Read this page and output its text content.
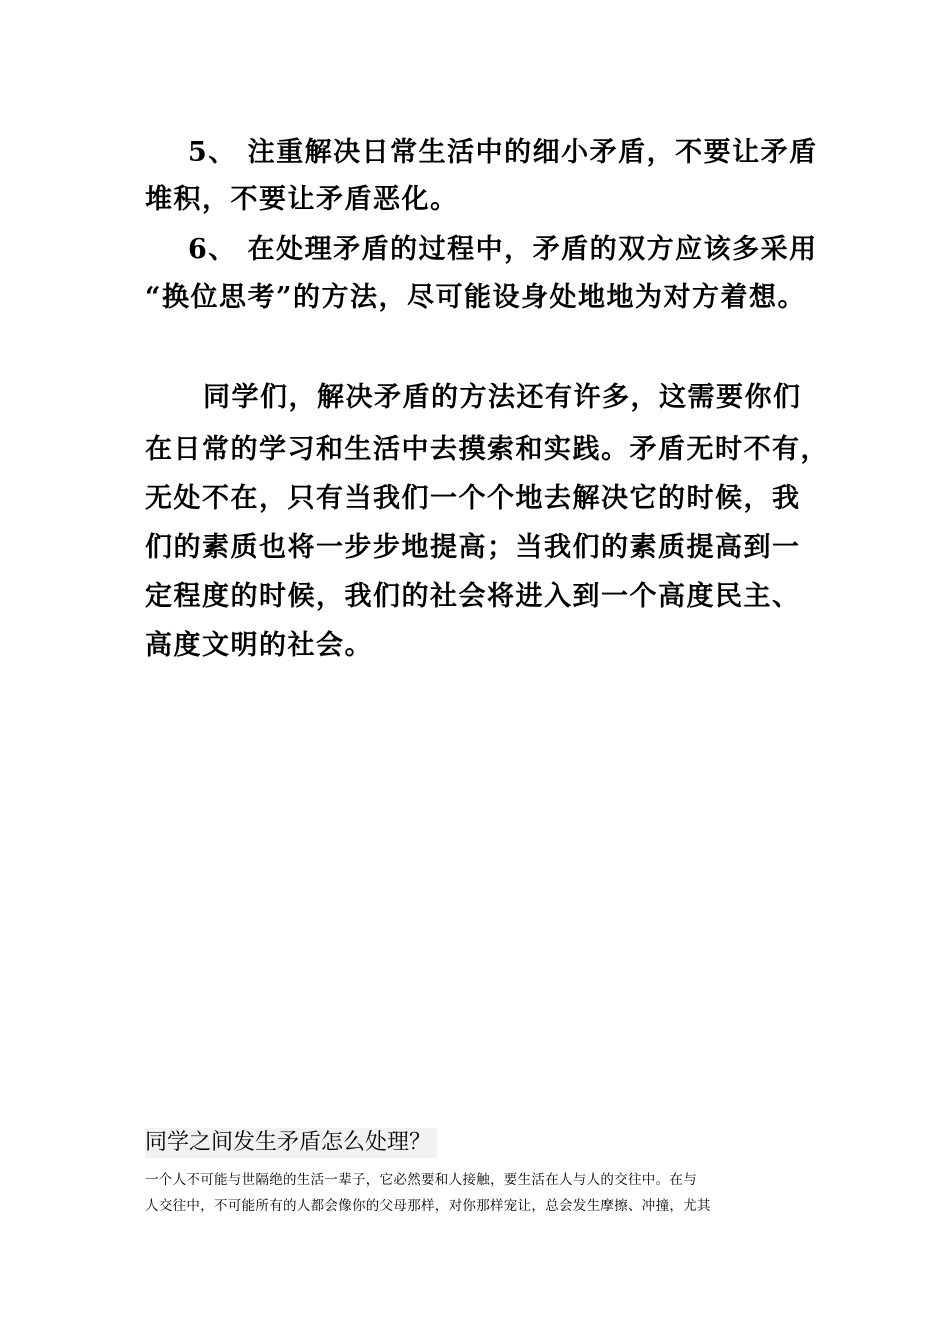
5、 注重解决日常生活中的细小矛盾，不要让矛盾
堆积，不要让矛盾恶化。
6、 在处理矛盾的过程中，矛盾的双方应该多采用
“换位思考”的方法，尽可能设身处地地为对方着想。
同学们，解决矛盾的方法还有许多，这需要你们
在日常的学习和生活中去摸索和实践。矛盾无时不有，
无处不在，只有当我们一个个地去解决它的时候，我
们的素质也将一步步地提高；当我们的素质提高到一
定程度的时候，我们的社会将进入到一个高度民主、
高度文明的社会。
同学之间发生矛盾怎么处理？
一个人不可能与世隔绝的生活一辈子，它必然要和人接触，要生活在人与人的交往中。在与
人交往中，不可能所有的人都会像你的父母那样，对你那样宠让，总会发生摩擦、冲撞，尤其
